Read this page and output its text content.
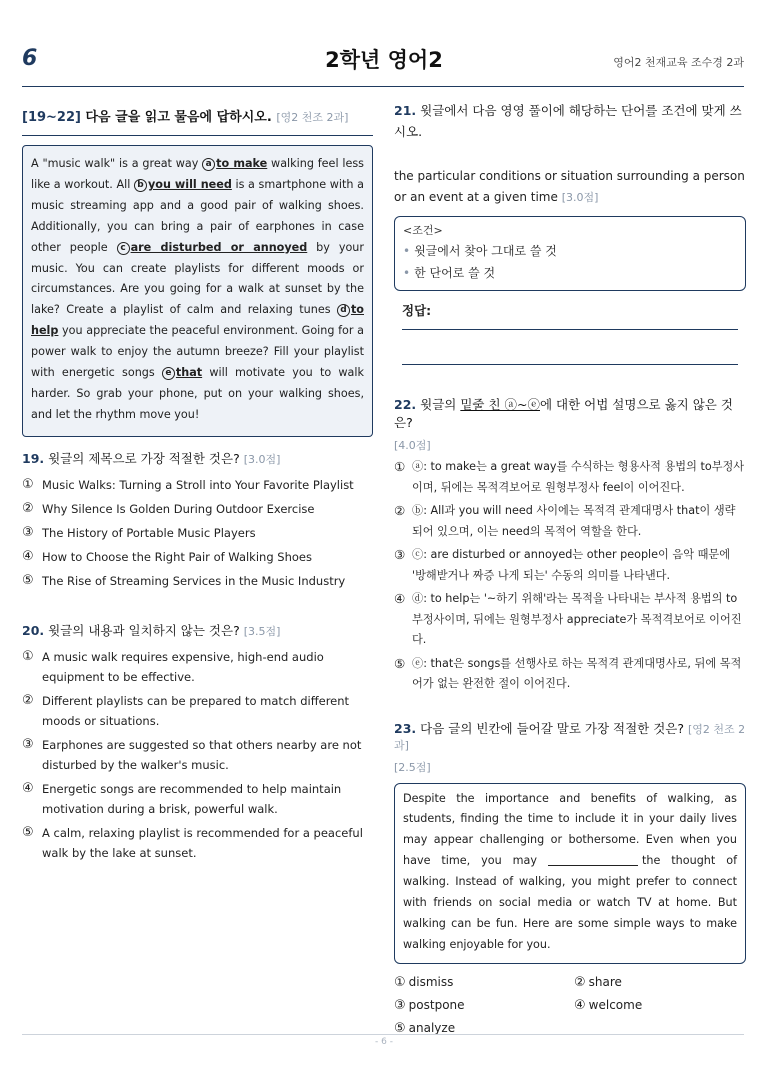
6	2학년 영어2	영어2 천재교육 조수경 2과
[19~22] 다음 글을 읽고 물음에 답하시오. [영2 천조 2과]
A "music walk" is a great way a to make walking feel less like a workout. All b you will need is a smartphone with a music streaming app and a good pair of walking shoes. Additionally, you can bring a pair of earphones in case other people c are disturbed or annoyed by your music. You can create playlists for different moods or circumstances. Are you going for a walk at sunset by the lake? Create a playlist of calm and relaxing tunes d to help you appreciate the peaceful environment. Going for a power walk to enjoy the autumn breeze? Fill your playlist with energetic songs e that will motivate you to walk harder. So grab your phone, put on your walking shoes, and let the rhythm move you!
19. 윗글의 제목으로 가장 적절한 것은? [3.0점]
① Music Walks: Turning a Stroll into Your Favorite Playlist
② Why Silence Is Golden During Outdoor Exercise
③ The History of Portable Music Players
④ How to Choose the Right Pair of Walking Shoes
⑤ The Rise of Streaming Services in the Music Industry
20. 윗글의 내용과 일치하지 않는 것은? [3.5점]
① A music walk requires expensive, high-end audio equipment to be effective.
② Different playlists can be prepared to match different moods or situations.
③ Earphones are suggested so that others nearby are not disturbed by the walker's music.
④ Energetic songs are recommended to help maintain motivation during a brisk, powerful walk.
⑤ A calm, relaxing playlist is recommended for a peaceful walk by the lake at sunset.
21. 윗글에서 다음 영영 풀이에 해당하는 단어를 조건에 맞게 쓰시오.
the particular conditions or situation surrounding a person or an event at a given time [3.0점]
<조건>
• 윗글에서 찾아 그대로 쓸 것
• 한 단어로 쓸 것
정답:
22. 윗글의 밑줄 친 ⓐ~ⓔ에 대한 어법 설명으로 옳지 않은 것은?
[4.0점]
① ⓐ: to make는 a great way를 수식하는 형용사적 용법의 to부정사이며, 뒤에는 목적격보어로 원형부정사 feel이 이어진다.
② ⓑ: All과 you will need 사이에는 목적격 관계대명사 that이 생략되어 있으며, 이는 need의 목적어 역할을 한다.
③ ⓒ: are disturbed or annoyed는 other people이 음악 때문에 '방해받거나 짜증 나게 되는' 수동의 의미를 나타낸다.
④ ⓓ: to help는 '~하기 위해'라는 목적을 나타내는 부사적 용법의 to부정사이며, 뒤에는 원형부정사 appreciate가 목적격보어로 이어진다.
⑤ ⓔ: that은 songs를 선행사로 하는 목적격 관계대명사로, 뒤에 목적어가 없는 완전한 절이 이어진다.
23. 다음 글의 빈칸에 들어갈 말로 가장 적절한 것은? [영2 천조 2과]
[2.5점]
Despite the importance and benefits of walking, as students, finding the time to include it in your daily lives may appear challenging or bothersome. Even when you have time, you may	the thought of walking. Instead of walking, you might prefer to connect with friends on social media or watch TV at home. But walking can be fun. Here are some simple ways to make walking enjoyable for you.
① dismiss	② share
③ postpone	④ welcome
⑤ analyze
- 6 -
